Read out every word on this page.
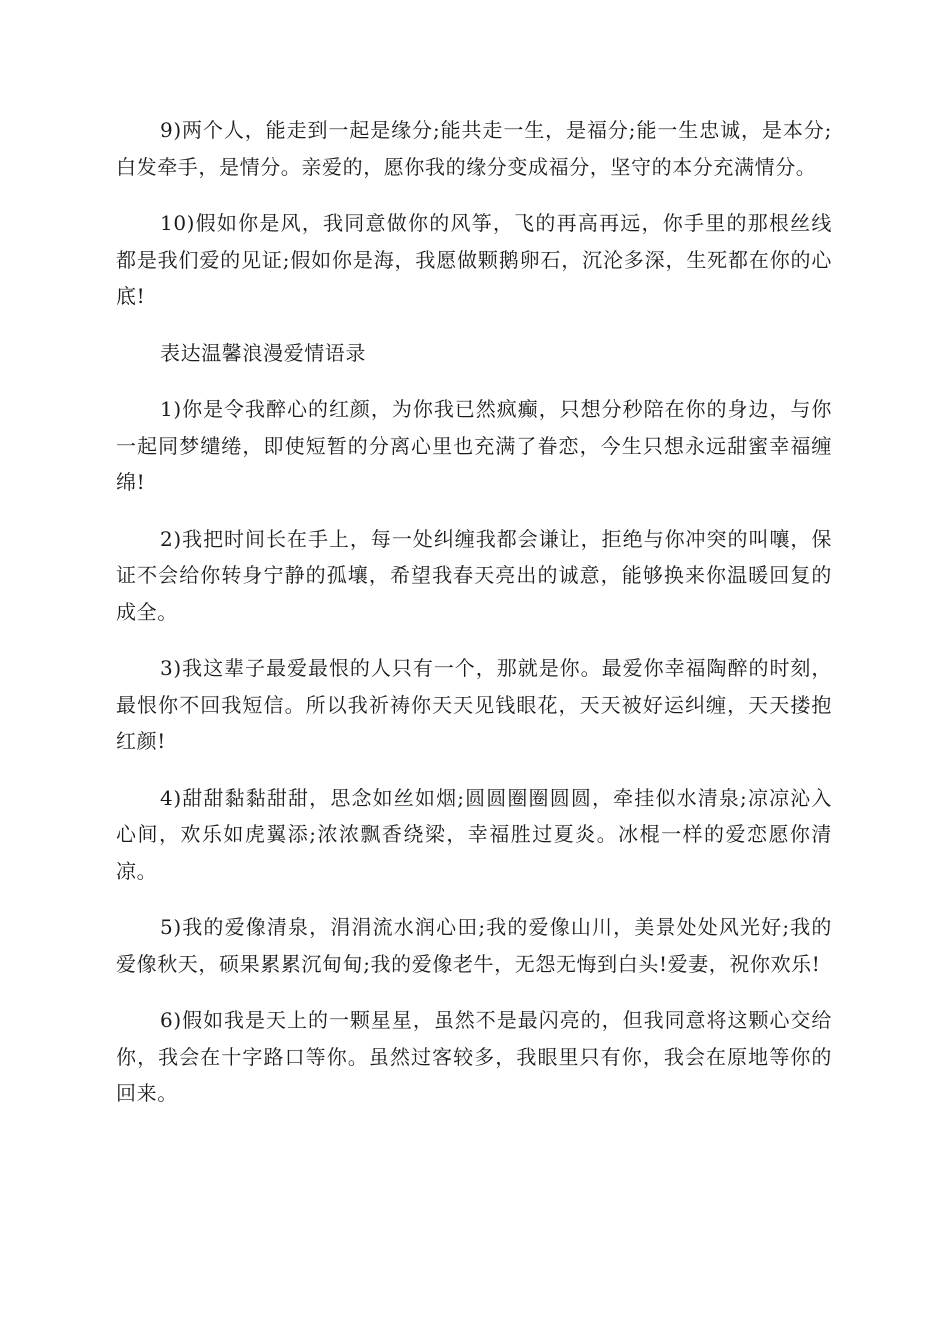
9)两个人，能走到一起是缘分;能共走一生，是福分;能一生忠诚，是本分;白发牵手，是情分。亲爱的，愿你我的缘分变成福分，坚守的本分充满情分。

10)假如你是风，我同意做你的风筝，飞的再高再远，你手里的那根丝线都是我们爱的见证;假如你是海，我愿做颗鹅卵石，沉沦多深，生死都在你的心底!

表达温馨浪漫爱情语录

1)你是令我醉心的红颜，为你我已然疯癫，只想分秒陪在你的身边，与你一起同梦缱绻，即使短暂的分离心里也充满了眷恋，今生只想永远甜蜜幸福缠绵!

2)我把时间长在手上，每一处纠缠我都会谦让，拒绝与你冲突的叫嚷，保证不会给你转身宁静的孤壤，希望我春天亮出的诚意，能够换来你温暖回复的成全。

3)我这辈子最爱最恨的人只有一个，那就是你。最爱你幸福陶醉的时刻，最恨你不回我短信。所以我祈祷你天天见钱眼花，天天被好运纠缠，天天搂抱红颜!

4)甜甜黏黏甜甜，思念如丝如烟;圆圆圈圈圆圆，牵挂似水清泉;凉凉沁入心间，欢乐如虎翼添;浓浓飘香绕梁，幸福胜过夏炎。冰棍一样的爱恋愿你清凉。

5)我的爱像清泉，涓涓流水润心田;我的爱像山川，美景处处风光好;我的爱像秋天，硕果累累沉甸甸;我的爱像老牛，无怨无悔到白头!爱妻，祝你欢乐!

6)假如我是天上的一颗星星，虽然不是最闪亮的，但我同意将这颗心交给你，我会在十字路口等你。虽然过客较多，我眼里只有你，我会在原地等你的回来。
